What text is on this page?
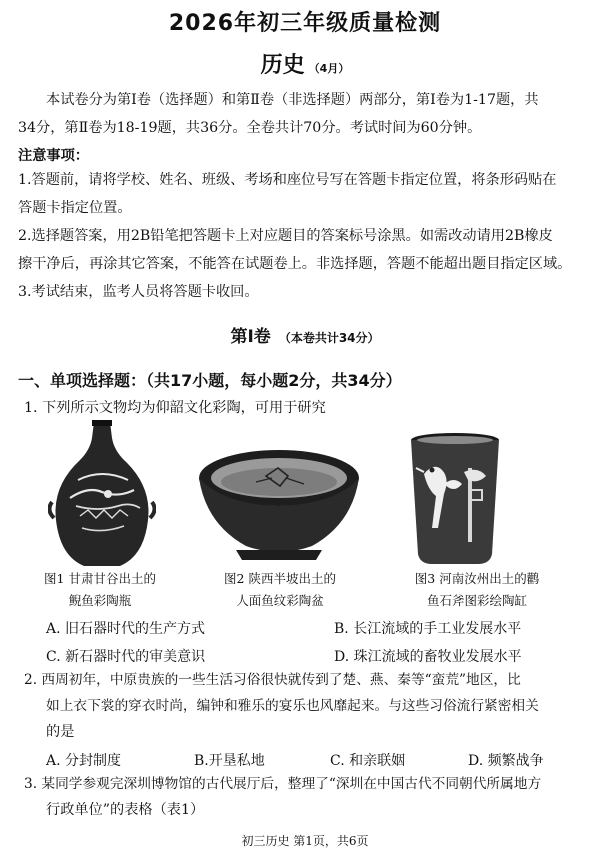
2026年初三年级质量检测
历史 （4月）
本试卷分为第Ⅰ卷（选择题）和第Ⅱ卷（非选择题）两部分，第Ⅰ卷为1-17题，共
34分，第Ⅱ卷为18-19题，共36分。全卷共计70分。考试时间为60分钟。
注意事项：
1.答题前，请将学校、姓名、班级、考场和座位号写在答题卡指定位置，将条形码贴在
答题卡指定位置。
2.选择题答案，用2B铅笔把答题卡上对应题目的答案标号涂黑。如需改动请用2B橡皮
擦干净后，再涂其它答案，不能答在试题卷上。非选择题，答题不能超出题目指定区域。
3.考试结束，监考人员将答题卡收回。
第Ⅰ卷 （本卷共计34分）
一、单项选择题：（共17小题，每小题2分，共34分）
1. 下列所示文物均为仰韶文化彩陶，可用于研究
图1 甘肃甘谷出土的
鲵鱼彩陶瓶
图2 陕西半坡出土的
人面鱼纹彩陶盆
图3 河南汝州出土的鹳
鱼石斧图彩绘陶缸
A. 旧石器时代的生产方式	B. 长江流域的手工业发展水平
C. 新石器时代的审美意识	D. 珠江流域的畜牧业发展水平
2. 西周初年，中原贵族的一些生活习俗很快就传到了楚、燕、秦等“蛮荒”地区，比
如上衣下裳的穿衣时尚，编钟和雅乐的宴乐也风靡起来。与这些习俗流行紧密相关
的是
A. 分封制度	B.开垦私地	C. 和亲联姻	D. 频繁战争
3. 某同学参观完深圳博物馆的古代展厅后，整理了“深圳在中国古代不同朝代所属地方
行政单位”的表格（表1）
初三历史 第1页，共6页
